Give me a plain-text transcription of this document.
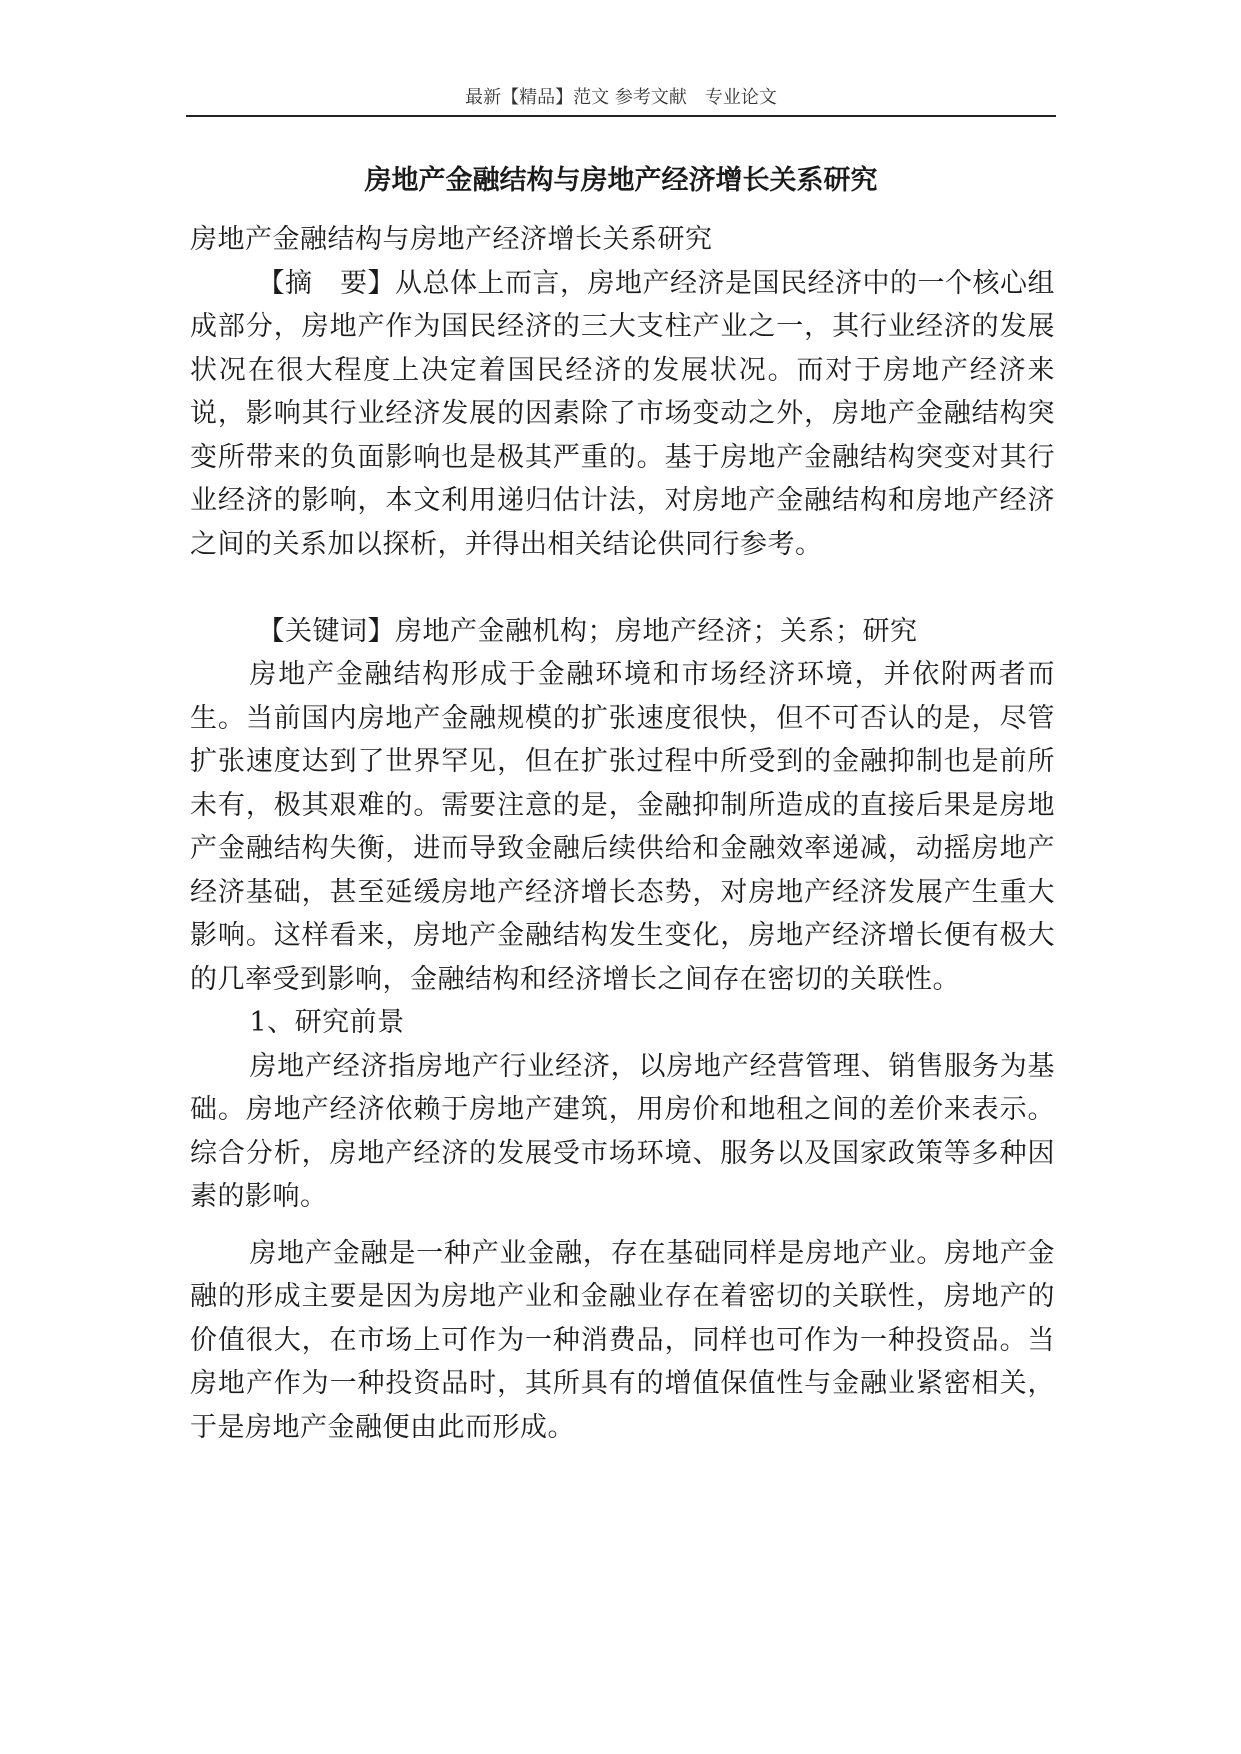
最新【精品】范文 参考文献　专业论文
房地产金融结构与房地产经济增长关系研究

房地产金融结构与房地产经济增长关系研究

【摘　要】从总体上而言，房地产经济是国民经济中的一个核心组成部分，房地产作为国民经济的三大支柱产业之一，其行业经济的发展状况在很大程度上决定着国民经济的发展状况。而对于房地产经济来说，影响其行业经济发展的因素除了市场变动之外，房地产金融结构突变所带来的负面影响也是极其严重的。基于房地产金融结构突变对其行业经济的影响，本文利用递归估计法，对房地产金融结构和房地产经济之间的关系加以探析，并得出相关结论供同行参考。

【关键词】房地产金融机构；房地产经济；关系；研究

房地产金融结构形成于金融环境和市场经济环境，并依附两者而生。当前国内房地产金融规模的扩张速度很快，但不可否认的是，尽管扩张速度达到了世界罕见，但在扩张过程中所受到的金融抑制也是前所未有，极其艰难的。需要注意的是，金融抑制所造成的直接后果是房地产金融结构失衡，进而导致金融后续供给和金融效率递减，动摇房地产经济基础，甚至延缓房地产经济增长态势，对房地产经济发展产生重大影响。这样看来，房地产金融结构发生变化，房地产经济增长便有极大的几率受到影响，金融结构和经济增长之间存在密切的关联性。

1、研究前景

房地产经济指房地产行业经济，以房地产经营管理、销售服务为基础。房地产经济依赖于房地产建筑，用房价和地租之间的差价来表示。综合分析，房地产经济的发展受市场环境、服务以及国家政策等多种因素的影响。

房地产金融是一种产业金融，存在基础同样是房地产业。房地产金融的形成主要是因为房地产业和金融业存在着密切的关联性，房地产的价值很大，在市场上可作为一种消费品，同样也可作为一种投资品。当房地产作为一种投资品时，其所具有的增值保值性与金融业紧密相关，于是房地产金融便由此而形成。
